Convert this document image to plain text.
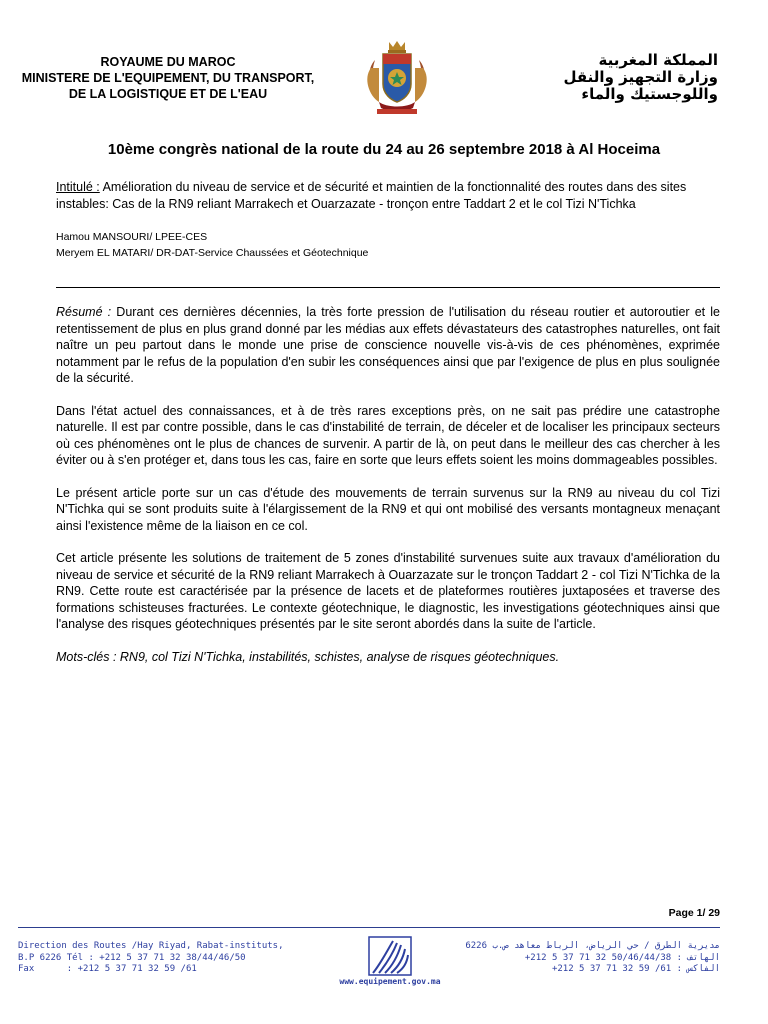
ROYAUME DU MAROC
MINISTERE DE L'EQUIPEMENT, DU TRANSPORT,
DE LA LOGISTIQUE ET DE L'EAU
المملكة المغربية
وزارة التجهيز والنقل
واللوجستيك والماء
10ème congrès national de la route du 24 au 26 septembre 2018 à Al Hoceima
Intitulé : Amélioration du niveau de service et de sécurité et maintien de la fonctionnalité des routes dans des sites instables: Cas de la RN9 reliant Marrakech et Ouarzazate - tronçon entre Taddart 2 et le col Tizi N'Tichka
Hamou MANSOURI/ LPEE-CES
Meryem EL MATARI/ DR-DAT-Service Chaussées et Géotechnique

Résumé : Durant ces dernières décennies, la très forte pression de l'utilisation du réseau routier et autoroutier et le retentissement de plus en plus grand donné par les médias aux effets dévastateurs des catastrophes naturelles, ont fait naître un peu partout dans le monde une prise de conscience nouvelle vis-à-vis de ces phénomènes, exprimée notamment par le refus de la population d'en subir les conséquences ainsi que par l'exigence de plus en plus soulignée de la sécurité.

Dans l'état actuel des connaissances, et à de très rares exceptions près, on ne sait pas prédire une catastrophe naturelle. Il est par contre possible, dans le cas d'instabilité de terrain, de déceler et de localiser les principaux secteurs où ces phénomènes ont le plus de chances de survenir. A partir de là, on peut dans le meilleur des cas chercher à les éviter ou à s'en protéger et, dans tous les cas, faire en sorte que leurs effets soient les moins dommageables possibles.

Le présent article porte sur un cas d'étude des mouvements de terrain survenus sur la RN9 au niveau du col Tizi N'Tichka qui se sont produits suite à l'élargissement de la RN9 et qui ont mobilisé des versants montagneux menaçant ainsi l'existence même de la liaison en ce col.

Cet article présente les solutions de traitement de 5 zones d'instabilité survenues suite aux travaux d'amélioration du niveau de service et sécurité de la RN9 reliant Marrakech à Ouarzazate sur le tronçon Taddart 2 - col Tizi N'Tichka de la RN9. Cette route est caractérisée par la présence de lacets et de plateformes routières juxtaposées et traverse des formations schisteuses fracturées. Le contexte géotechnique, le diagnostic, les investigations géotechniques ainsi que l'analyse des risques géotechniques présentés par le site seront abordés dans la suite de l'article.

Mots-clés : RN9, col Tizi N'Tichka, instabilités, schistes, analyse de risques géotechniques.

Page 1/ 29
Direction des Routes /Hay Riyad, Rabat-instituts,
B.P 6226 Tél : +212 5 37 71 32 38/44/46/50
Fax      : +212 5 37 71 32 59 /61
www.equipement.gov.ma
مديرية الطرق / حي الرياض، الرباط معاهد ص.ب 6226
الهاتف : 50/46/44/38 32 71 37 5 212+
الفاكس : 61/ 59 32 71 37 5 212+
